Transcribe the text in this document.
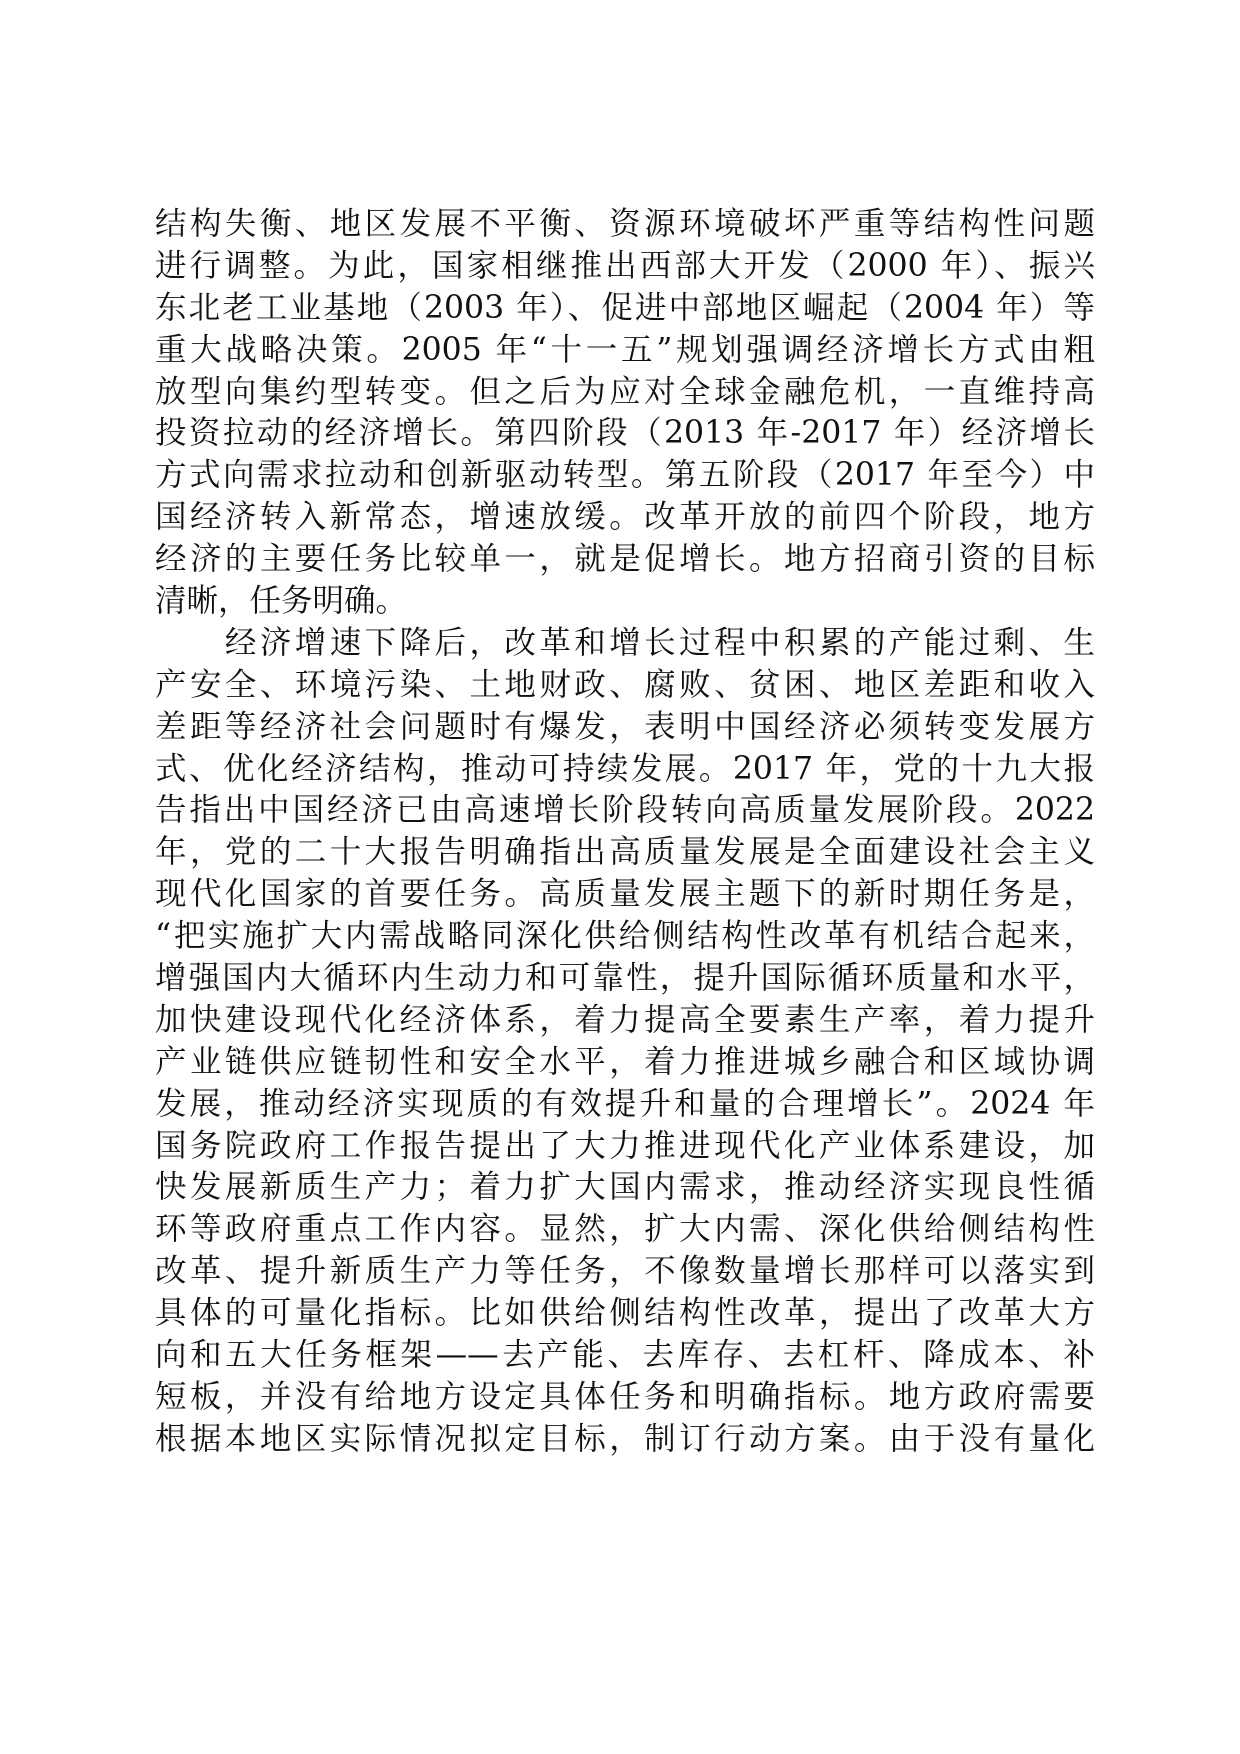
结构失衡、地区发展不平衡、资源环境破坏严重等结构性问题
进行调整。为此，国家相继推出西部大开发（2000 年）、振兴
东北老工业基地（2003 年）、促进中部地区崛起（2004 年）等
重大战略决策。2005 年“十一五”规划强调经济增长方式由粗
放型向集约型转变。但之后为应对全球金融危机，一直维持高
投资拉动的经济增长。第四阶段（2013 年-2017 年）经济增长
方式向需求拉动和创新驱动转型。第五阶段（2017 年至今）中
国经济转入新常态，增速放缓。改革开放的前四个阶段，地方
经济的主要任务比较单一，就是促增长。地方招商引资的目标
清晰，任务明确。
　　经济增速下降后，改革和增长过程中积累的产能过剩、生
产安全、环境污染、土地财政、腐败、贫困、地区差距和收入
差距等经济社会问题时有爆发，表明中国经济必须转变发展方
式、优化经济结构，推动可持续发展。2017 年，党的十九大报
告指出中国经济已由高速增长阶段转向高质量发展阶段。2022
年，党的二十大报告明确指出高质量发展是全面建设社会主义
现代化国家的首要任务。高质量发展主题下的新时期任务是，
“把实施扩大内需战略同深化供给侧结构性改革有机结合起来，
增强国内大循环内生动力和可靠性，提升国际循环质量和水平，
加快建设现代化经济体系，着力提高全要素生产率，着力提升
产业链供应链韧性和安全水平，着力推进城乡融合和区域协调
发展，推动经济实现质的有效提升和量的合理增长”。2024 年
国务院政府工作报告提出了大力推进现代化产业体系建设，加
快发展新质生产力；着力扩大国内需求，推动经济实现良性循
环等政府重点工作内容。显然，扩大内需、深化供给侧结构性
改革、提升新质生产力等任务，不像数量增长那样可以落实到
具体的可量化指标。比如供给侧结构性改革，提出了改革大方
向和五大任务框架——去产能、去库存、去杠杆、降成本、补
短板，并没有给地方设定具体任务和明确指标。地方政府需要
根据本地区实际情况拟定目标，制订行动方案。由于没有量化
